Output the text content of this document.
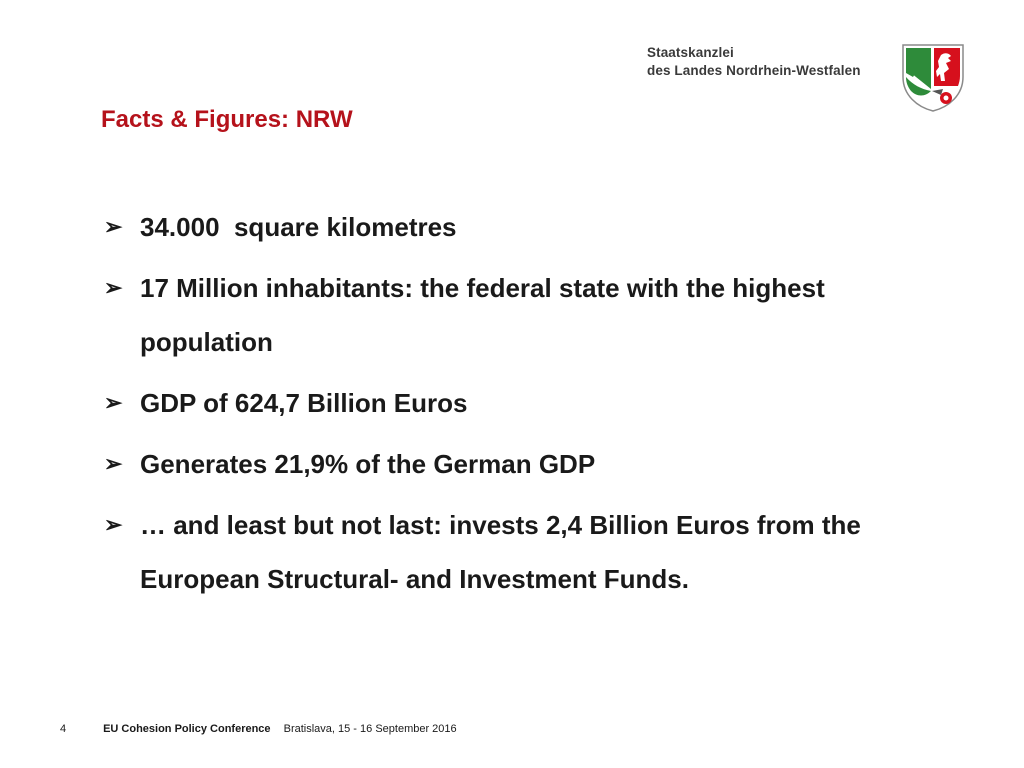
Staatskanzlei
des Landes Nordrhein-Westfalen
Facts & Figures: NRW
➢ 34.000  square kilometres
➢ 17 Million inhabitants: the federal state with the highest population
➢ GDP of 624,7 Billion Euros
➢ Generates 21,9% of the German GDP
➢ … and least but not last: invests 2,4 Billion Euros from the European Structural- and Investment Funds.
4	EU Cohesion Policy Conference Bratislava, 15 - 16 September 2016
